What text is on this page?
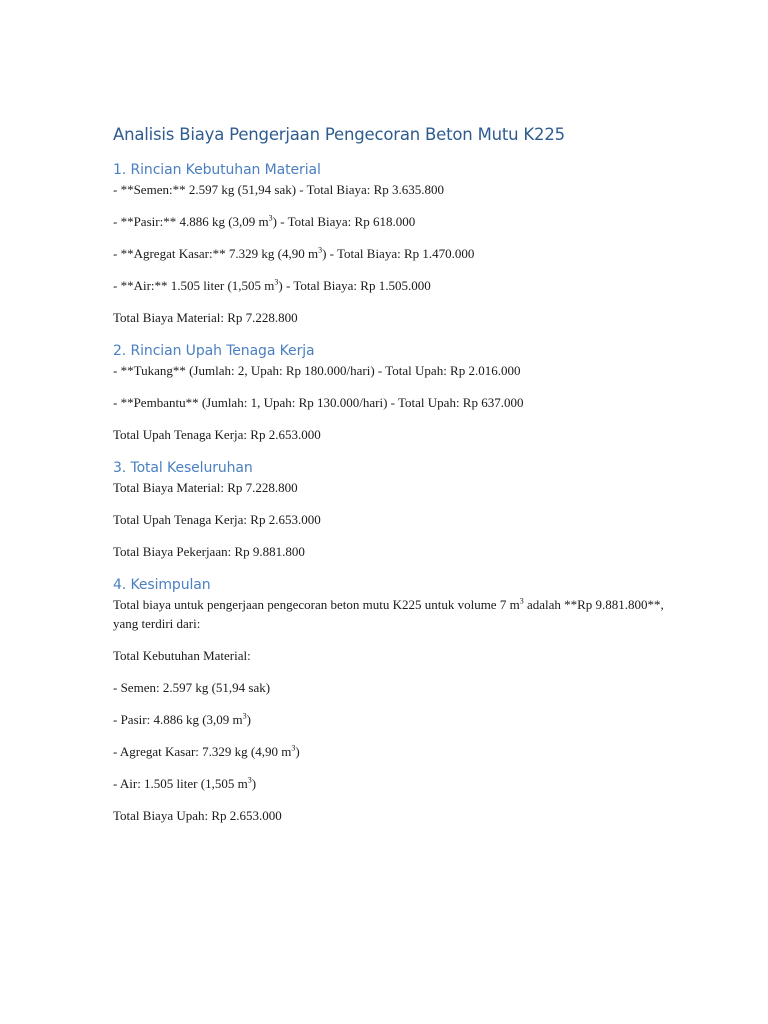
Analisis Biaya Pengerjaan Pengecoran Beton Mutu K225
1. Rincian Kebutuhan Material

- **Semen:** 2.597 kg (51,94 sak) - Total Biaya: Rp 3.635.800

- **Pasir:** 4.886 kg (3,09 $m^3$) - Total Biaya: Rp 618.000

- **Agregat Kasar:** 7.329 kg (4,90 $m^3$) - Total Biaya: Rp 1.470.000

- **Air:** 1.505 liter (1,505 $m^3$) - Total Biaya: Rp 1.505.000

Total Biaya Material: Rp 7.228.800

2. Rincian Upah Tenaga Kerja

- **Tukang** (Jumlah: 2, Upah: Rp 180.000/hari) - Total Upah: Rp 2.016.000

- **Pembantu** (Jumlah: 1, Upah: Rp 130.000/hari) - Total Upah: Rp 637.000

Total Upah Tenaga Kerja: Rp 2.653.000

3. Total Keseluruhan

Total Biaya Material: Rp 7.228.800

Total Upah Tenaga Kerja: Rp 2.653.000

Total Biaya Pekerjaan: Rp 9.881.800

4. Kesimpulan

Total biaya untuk pengerjaan pengecoran beton mutu K225 untuk volume 7 $m^3$ adalah **Rp 9.881.800**, yang terdiri dari:

Total Kebutuhan Material:

- Semen: 2.597 kg (51,94 sak)

- Pasir: 4.886 kg (3,09 $m^3$)

- Agregat Kasar: 7.329 kg (4,90 $m^3$)

- Air: 1.505 liter (1,505 $m^3$)

Total Biaya Upah: Rp 2.653.000
